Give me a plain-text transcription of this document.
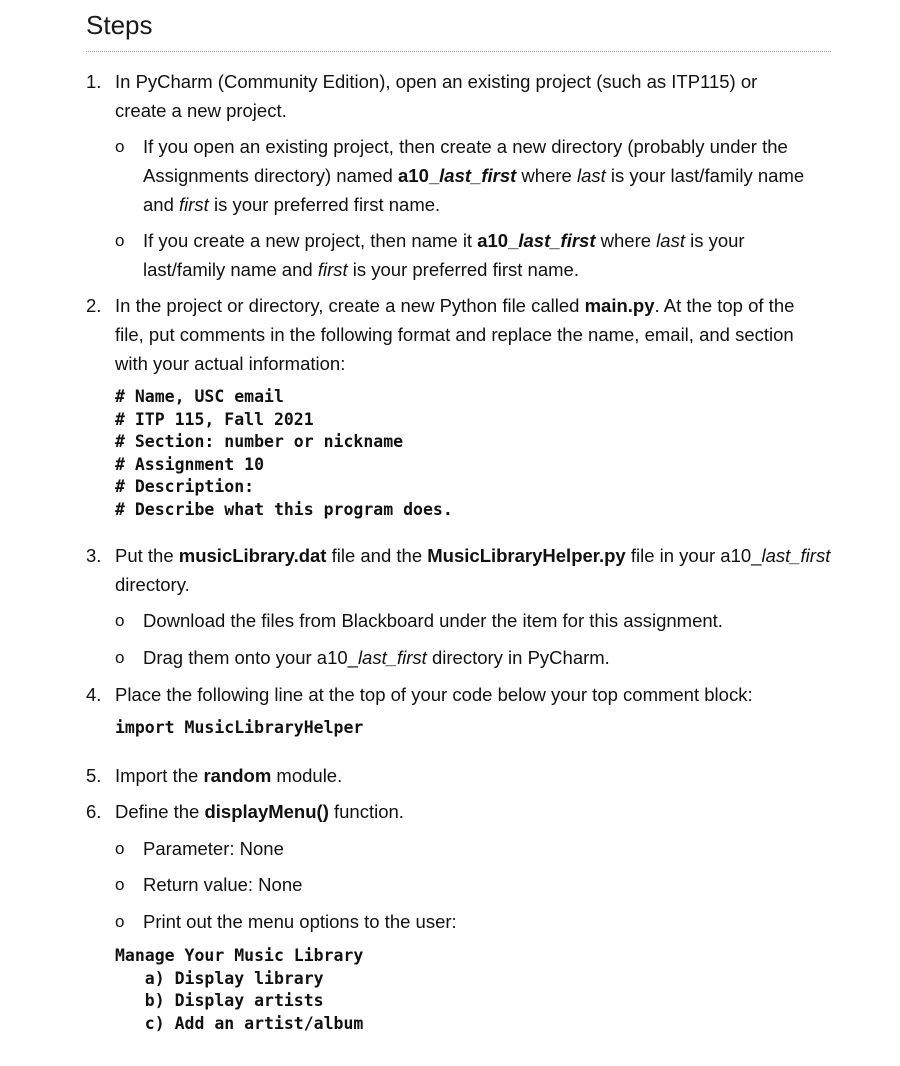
Steps
1. In PyCharm (Community Edition), open an existing project (such as ITP115) or
create a new project.
o If you open an existing project, then create a new directory (probably under the
Assignments directory) named a10_last_first where last is your last/family name
and first is your preferred first name.
o If you create a new project, then name it a10_last_first where last is your
last/family name and first is your preferred first name.
2. In the project or directory, create a new Python file called main.py. At the top of the
file, put comments in the following format and replace the name, email, and section
with your actual information:
# Name, USC email
# ITP 115, Fall 2021
# Section: number or nickname
# Assignment 10
# Description:
# Describe what this program does.
3. Put the musicLibrary.dat file and the MusicLibraryHelper.py file in your a10_last_first
directory.
o Download the files from Blackboard under the item for this assignment.
o Drag them onto your a10_last_first directory in PyCharm.
4. Place the following line at the top of your code below your top comment block:
import MusicLibraryHelper
5. Import the random module.
6. Define the displayMenu() function.
o Parameter: None
o Return value: None
o Print out the menu options to the user:
Manage Your Music Library
a) Display library
b) Display artists
c) Add an artist/album
